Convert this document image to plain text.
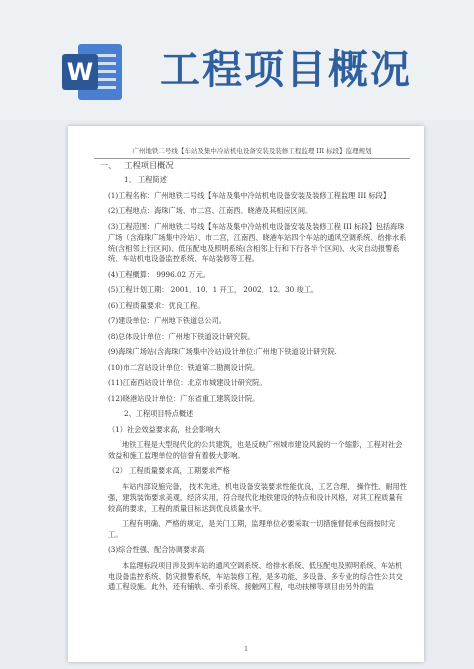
W 工程项目概况
广州地铁二号线【车站及集中冷站机电设备安装及装修工程监理 III 标段】监理规划

一、 工程项目概况

1、 工程简述

(1)工程名称：广州地铁二号线【车站及集中冷站机电设备安装及装修工程监理 III 标段】

(2)工程地点：海珠广场、市二宫、江南西、晓港及其相应区间。

(3)工程范围：广州地铁二号线【车站及集中冷站机电设备安装及装修工程 III 标段】包括海珠广场（含海珠广场集中冷站）、市二宫，江南西、晓港车站四个车站的通风空调系统、给排水系统(含相邻上行区间)、低压配电及照明系统(含相邻上行和下行各半个区间)、火灾自动报警系统、车站机电设备监控系统、车站装修等工程。

(4)工程概算： 9996.02 万元。

(5)工程计划工期： 2001．10．1 开工， 2002．12．30 竣工。

(6)工程质量要求：优良工程。

(7)建设单位：广州地下铁道总公司。

(8)总体设计单位：广州地下铁道设计研究院。

(9)海珠广场站(含海珠广场集中冷站)设计单位:广州地下铁道设计研究院.

(10)市二宫站设计单位：铁道第二勘测设计院。

(11)江南西站设计单位：北京市城建设计研究院。

(12)晓港站设计单位：广东省重工建筑设计院。

2、工程项目特点概述

（1）社会效益要求高，社会影响大

地铁工程是大型现代化的公共建筑，也是反映广州城市建设风貌的一个缩影，工程对社会效益和施工监理单位的信誉有着极大影响。

（2） 工程质量要求高，工期要求严格

车站内部设施完备， 技术先进，机电设备安装要求性能优良，工艺合理， 操作性、耐用性强，建筑装饰要求美观，经济实用，符合现代化地铁建设的特点和设计风格，对其工程质量有较高的要求，工程的质量目标达到优良质量水平。

工程有明确、严格的规定，是关门工期，监理单位必要采取一切措施督促承包商按时完工。

(3)综合性强、配合协调要求高

本监理标段项目涉及到车站的通风空调系统、给排水系统、低压配电及照明系统、车站机电设备监控系统、防灾报警系统，车站装修工程，是多功能、多设备、多专业的综合性公共交通工程设施。此外，还有铺轨、牵引系统、接触网工程，电动扶梯等项目由另外的监

1
